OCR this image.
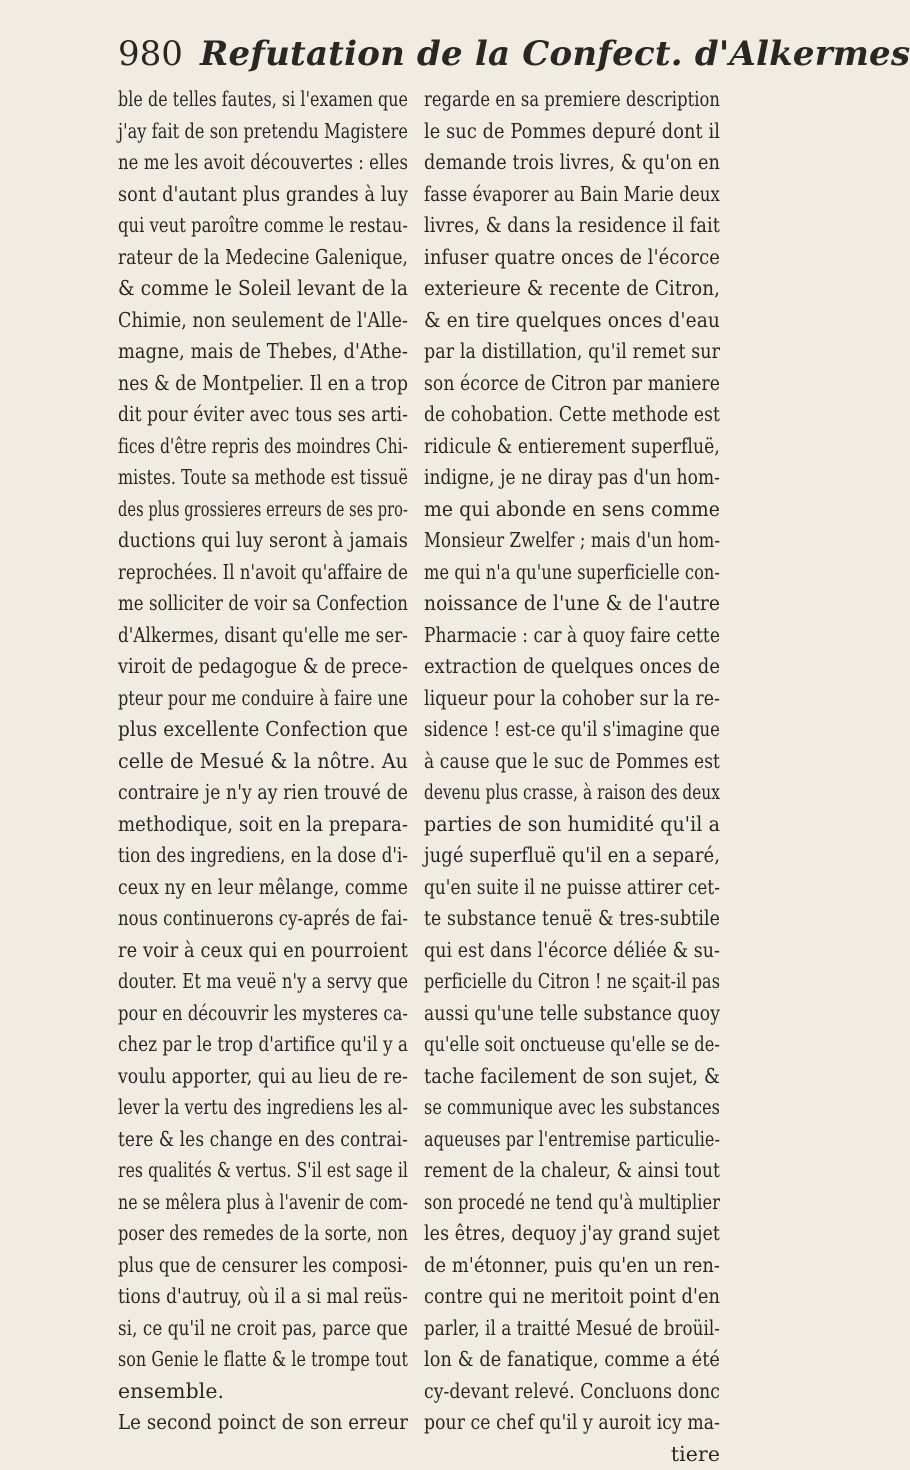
980 Refutation de la Confect. d'Alkermes
ble de telles fautes, si l'examen que
j'ay fait de son pretendu Magistere
ne me les avoit découvertes : elles
sont d'autant plus grandes à luy
qui veut paroître comme le restau-
rateur de la Medecine Galenique,
& comme le Soleil levant de la
Chimie, non seulement de l'Alle-
magne, mais de Thebes, d'Athe-
nes & de Montpelier. Il en a trop
dit pour éviter avec tous ses arti-
fices d'être repris des moindres Chi-
mistes. Toute sa methode est tissuë
des plus grossieres erreurs de ses pro-
ductions qui luy seront à jamais
reprochées. Il n'avoit qu'affaire de
me solliciter de voir sa Confection
d'Alkermes, disant qu'elle me ser-
viroit de pedagogue & de prece-
pteur pour me conduire à faire une
plus excellente Confection que
celle de Mesué & la nôtre. Au
contraire je n'y ay rien trouvé de
methodique, soit en la prepara-
tion des ingrediens, en la dose d'i-
ceux ny en leur mêlange, comme
nous continuerons cy-aprés de fai-
re voir à ceux qui en pourroient
douter. Et ma veuë n'y a servy que
pour en découvrir les mysteres ca-
chez par le trop d'artifice qu'il y a
voulu apporter, qui au lieu de re-
lever la vertu des ingrediens les al-
tere & les change en des contrai-
res qualités & vertus. S'il est sage il
ne se mêlera plus à l'avenir de com-
poser des remedes de la sorte, non
plus que de censurer les composi-
tions d'autruy, où il a si mal reüs-
si, ce qu'il ne croit pas, parce que
son Genie le flatte & le trompe tout
ensemble.
Le second poinct de son erreur
regarde en sa premiere description
le suc de Pommes depuré dont il
demande trois livres, & qu'on en
fasse évaporer au Bain Marie deux
livres, & dans la residence il fait
infuser quatre onces de l'écorce
exterieure & recente de Citron,
& en tire quelques onces d'eau
par la distillation, qu'il remet sur
son écorce de Citron par maniere
de cohobation. Cette methode est
ridicule & entierement superfluë,
indigne, je ne diray pas d'un hom-
me qui abonde en sens comme
Monsieur Zwelfer ; mais d'un hom-
me qui n'a qu'une superficielle con-
noissance de l'une & de l'autre
Pharmacie : car à quoy faire cette
extraction de quelques onces de
liqueur pour la cohober sur la re-
sidence ! est-ce qu'il s'imagine que
à cause que le suc de Pommes est
devenu plus crasse, à raison des deux
parties de son humidité qu'il a
jugé superfluë qu'il en a separé,
qu'en suite il ne puisse attirer cet-
te substance tenuë & tres-subtile
qui est dans l'écorce déliée & su-
perficielle du Citron ! ne sçait-il pas
aussi qu'une telle substance quoy
qu'elle soit onctueuse qu'elle se de-
tache facilement de son sujet, &
se communique avec les substances
aqueuses par l'entremise particulie-
rement de la chaleur, & ainsi tout
son procedé ne tend qu'à multiplier
les êtres, dequoy j'ay grand sujet
de m'étonner, puis qu'en un ren-
contre qui ne meritoit point d'en
parler, il a traitté Mesué de broüil-
lon & de fanatique, comme a été
cy-devant relevé. Concluons donc
pour ce chef qu'il y auroit icy ma-
tiere
